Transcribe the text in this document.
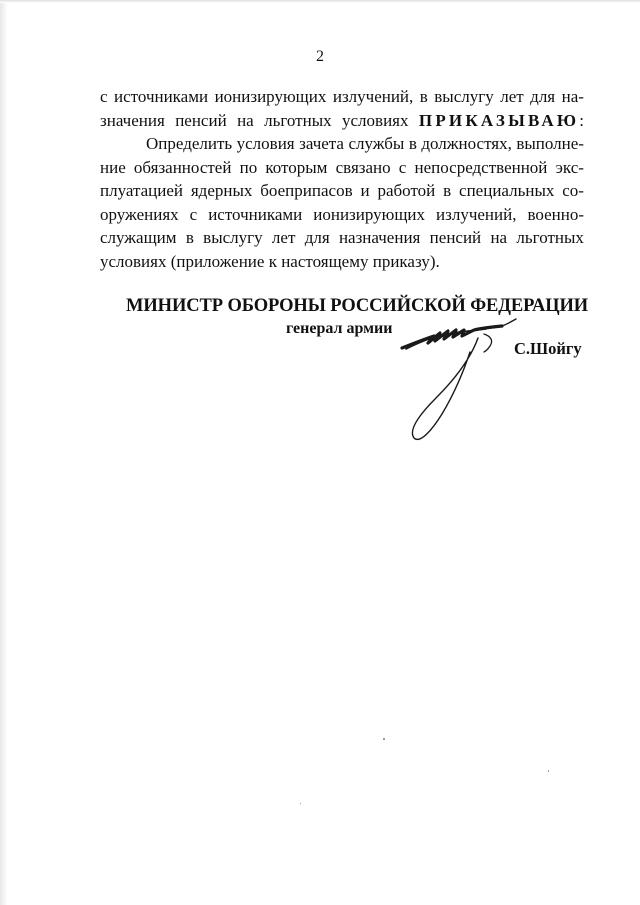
2
с источниками ионизирующих излучений, в выслугу лет для на-
значения пенсий на льготных условиях ПРИКАЗЫВАЮ:
Определить условия зачета службы в должностях, выполне-
ние обязанностей по которым связано с непосредственной экс-
плуатацией ядерных боеприпасов и работой в специальных со-
оружениях с источниками ионизирующих излучений, военно-
служащим в выслугу лет для назначения пенсий на льготных
условиях (приложение к настоящему приказу).
МИНИСТР ОБОРОНЫ РОССИЙСКОЙ ФЕДЕРАЦИИ
генерал армии
С.Шойгу
